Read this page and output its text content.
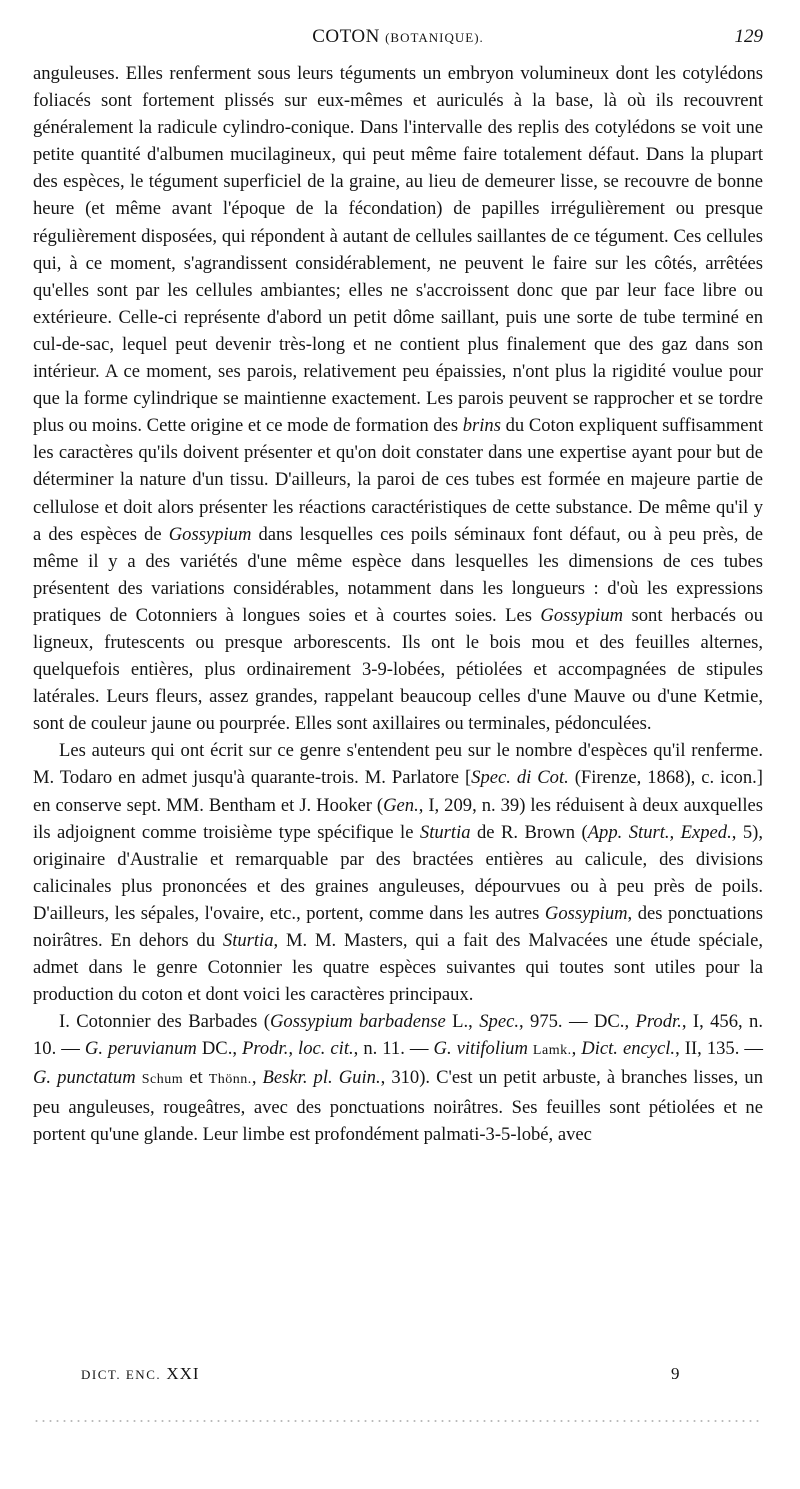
COTON (BOTANIQUE).	129

anguleuses. Elles renferment sous leurs téguments un embryon volumineux dont les cotylédons foliacés sont fortement plissés sur eux-mêmes et auriculés à la base, là où ils recouvrent généralement la radicule cylindro-conique. Dans l'intervalle des replis des cotylédons se voit une petite quantité d'albumen mucilagineux, qui peut même faire totalement défaut. Dans la plupart des espèces, le tégument superficiel de la graine, au lieu de demeurer lisse, se recouvre de bonne heure (et même avant l'époque de la fécondation) de papilles irrégulièrement ou presque régulièrement disposées, qui répondent à autant de cellules saillantes de ce tégument. Ces cellules qui, à ce moment, s'agrandissent considérablement, ne peuvent le faire sur les côtés, arrêtées qu'elles sont par les cellules ambiantes; elles ne s'accroissent donc que par leur face libre ou extérieure. Celle-ci représente d'abord un petit dôme saillant, puis une sorte de tube terminé en cul-de-sac, lequel peut devenir très-long et ne contient plus finalement que des gaz dans son intérieur. A ce moment, ses parois, relativement peu épaissies, n'ont plus la rigidité voulue pour que la forme cylindrique se maintienne exactement. Les parois peuvent se rapprocher et se tordre plus ou moins. Cette origine et ce mode de formation des brins du Coton expliquent suffisamment les caractères qu'ils doivent présenter et qu'on doit constater dans une expertise ayant pour but de déterminer la nature d'un tissu. D'ailleurs, la paroi de ces tubes est formée en majeure partie de cellulose et doit alors présenter les réactions caractéristiques de cette substance. De même qu'il y a des espèces de Gossypium dans lesquelles ces poils séminaux font défaut, ou à peu près, de même il y a des variétés d'une même espèce dans lesquelles les dimensions de ces tubes présentent des variations considérables, notamment dans les longueurs : d'où les expressions pratiques de Cotonniers à longues soies et à courtes soies. Les Gossypium sont herbacés ou ligneux, frutescents ou presque arborescents. Ils ont le bois mou et des feuilles alternes, quelquefois entières, plus ordinairement 3-9-lobées, pétiolées et accompagnées de stipules latérales. Leurs fleurs, assez grandes, rappelant beaucoup celles d'une Mauve ou d'une Ketmie, sont de couleur jaune ou pourprée. Elles sont axillaires ou terminales, pédonculées.

Les auteurs qui ont écrit sur ce genre s'entendent peu sur le nombre d'espèces qu'il renferme. M. Todaro en admet jusqu'à quarante-trois. M. Parlatore [Spec. di Cot. (Firenze, 1868), c. icon.] en conserve sept. MM. Bentham et J. Hooker (Gen., I, 209, n. 39) les réduisent à deux auxquelles ils adjoignent comme troisième type spécifique le Sturtia de R. Brown (App. Sturt., Exped., 5), originaire d'Australie et remarquable par des bractées entières au calicule, des divisions calicinales plus prononcées et des graines anguleuses, dépourvues ou à peu près de poils. D'ailleurs, les sépales, l'ovaire, etc., portent, comme dans les autres Gossypium, des ponctuations noirâtres. En dehors du Sturtia, M. M. Masters, qui a fait des Malvacées une étude spéciale, admet dans le genre Cotonnier les quatre espèces suivantes qui toutes sont utiles pour la production du coton et dont voici les caractères principaux.

I. Cotonnier des Barbades (Gossypium barbadense L., Spec., 975. — DC., Prodr., I, 456, n. 10. — G. peruvianum DC., Prodr., loc. cit., n. 11. — G. vitifolium Lamk., Dict. encycl., II, 135. — G. punctatum Schum et Thönn., Beskr. pl. Guin., 310). C'est un petit arbuste, à branches lisses, un peu anguleuses, rougeâtres, avec des ponctuations noirâtres. Ses feuilles sont pétiolées et ne portent qu'une glande. Leur limbe est profondément palmati-3-5-lobé, avec

DICT. ENC. XXI	9
